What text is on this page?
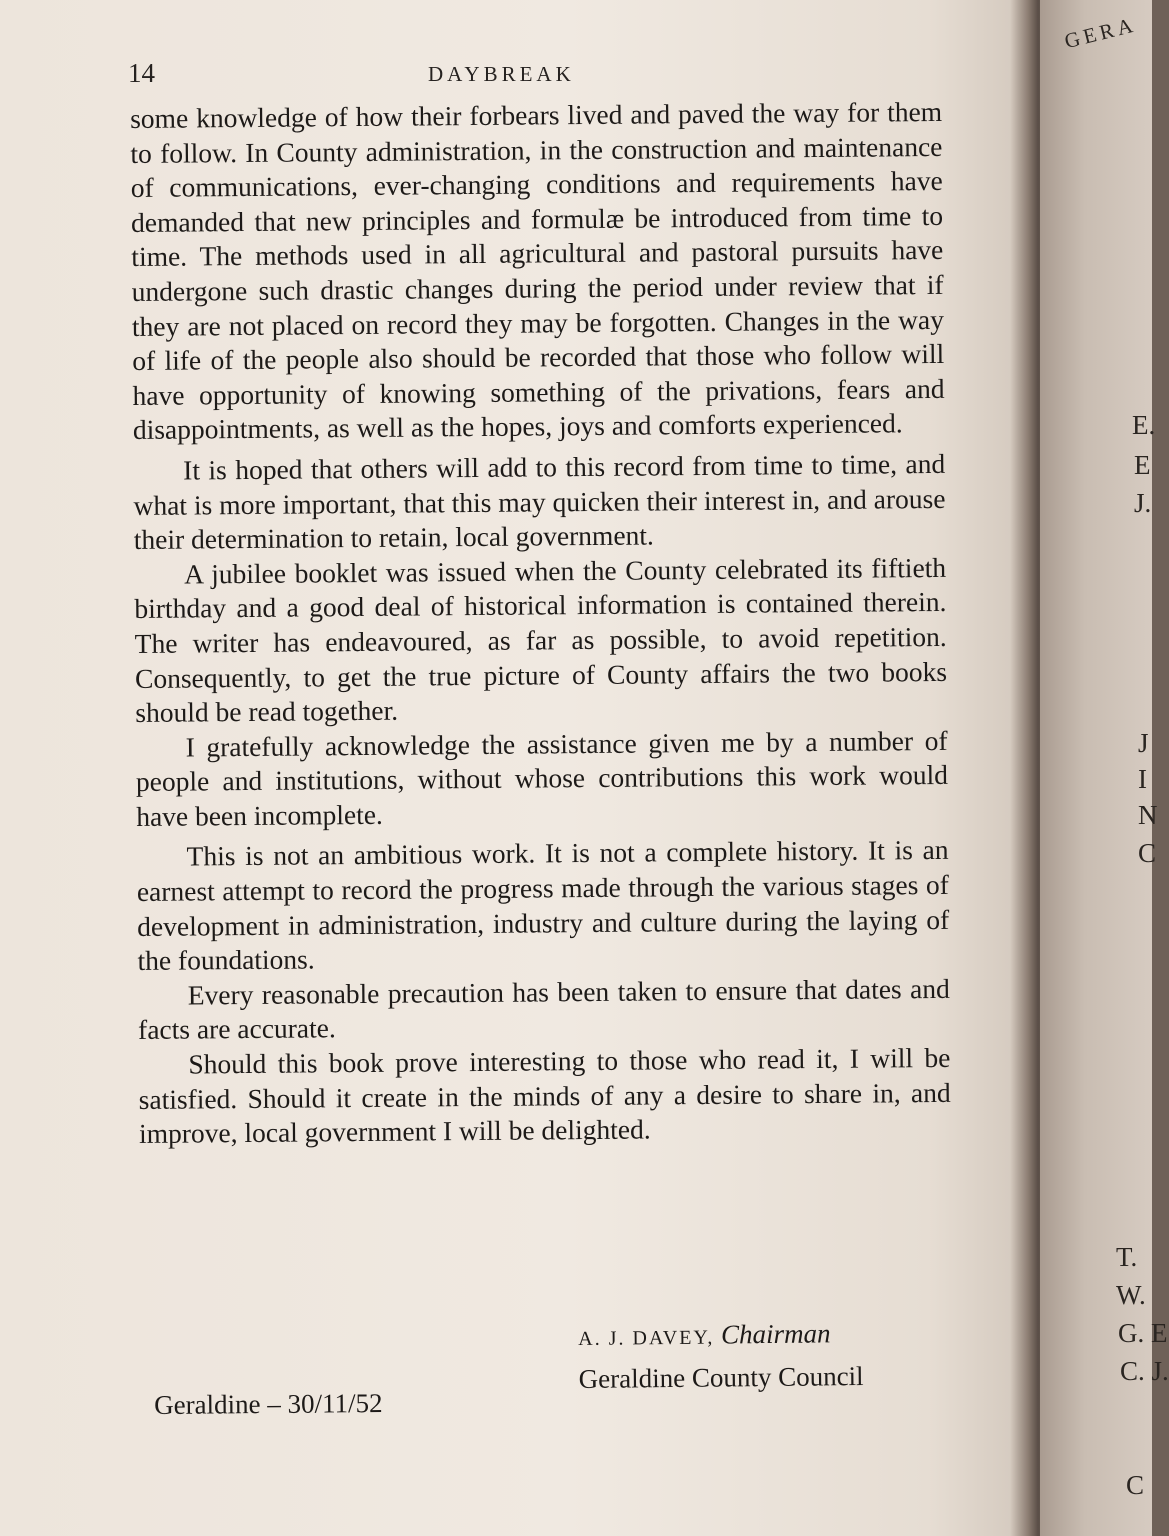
14	DAYBREAK

some knowledge of how their forbears lived and paved the way for them to follow. In County administration, in the construction and maintenance of communications, ever-changing conditions and requirements have demanded that new principles and formulæ be introduced from time to time. The methods used in all agricultural and pastoral pursuits have undergone such drastic changes during the period under review that if they are not placed on record they may be forgotten. Changes in the way of life of the people also should be recorded that those who follow will have opportunity of knowing something of the privations, fears and disappointments, as well as the hopes, joys and comforts experienced.

It is hoped that others will add to this record from time to time, and what is more important, that this may quicken their interest in, and arouse their determination to retain, local government.

A jubilee booklet was issued when the County celebrated its fiftieth birthday and a good deal of historical information is contained therein. The writer has endeavoured, as far as possible, to avoid repetition. Consequently, to get the true picture of County affairs the two books should be read together.

I gratefully acknowledge the assistance given me by a number of people and institutions, without whose contributions this work would have been incomplete.

This is not an ambitious work. It is not a complete history. It is an earnest attempt to record the progress made through the various stages of development in administration, industry and culture during the laying of the foundations.

Every reasonable precaution has been taken to ensure that dates and facts are accurate.

Should this book prove interesting to those who read it, I will be satisfied. Should it create in the minds of any a desire to share in, and improve, local government I will be delighted.

A. J. DAVEY, Chairman
Geraldine County Council
Geraldine – 30/11/52
GERA
E.
E
J.
J
I
N
C
T.
W.
G. E
C. J.
C
